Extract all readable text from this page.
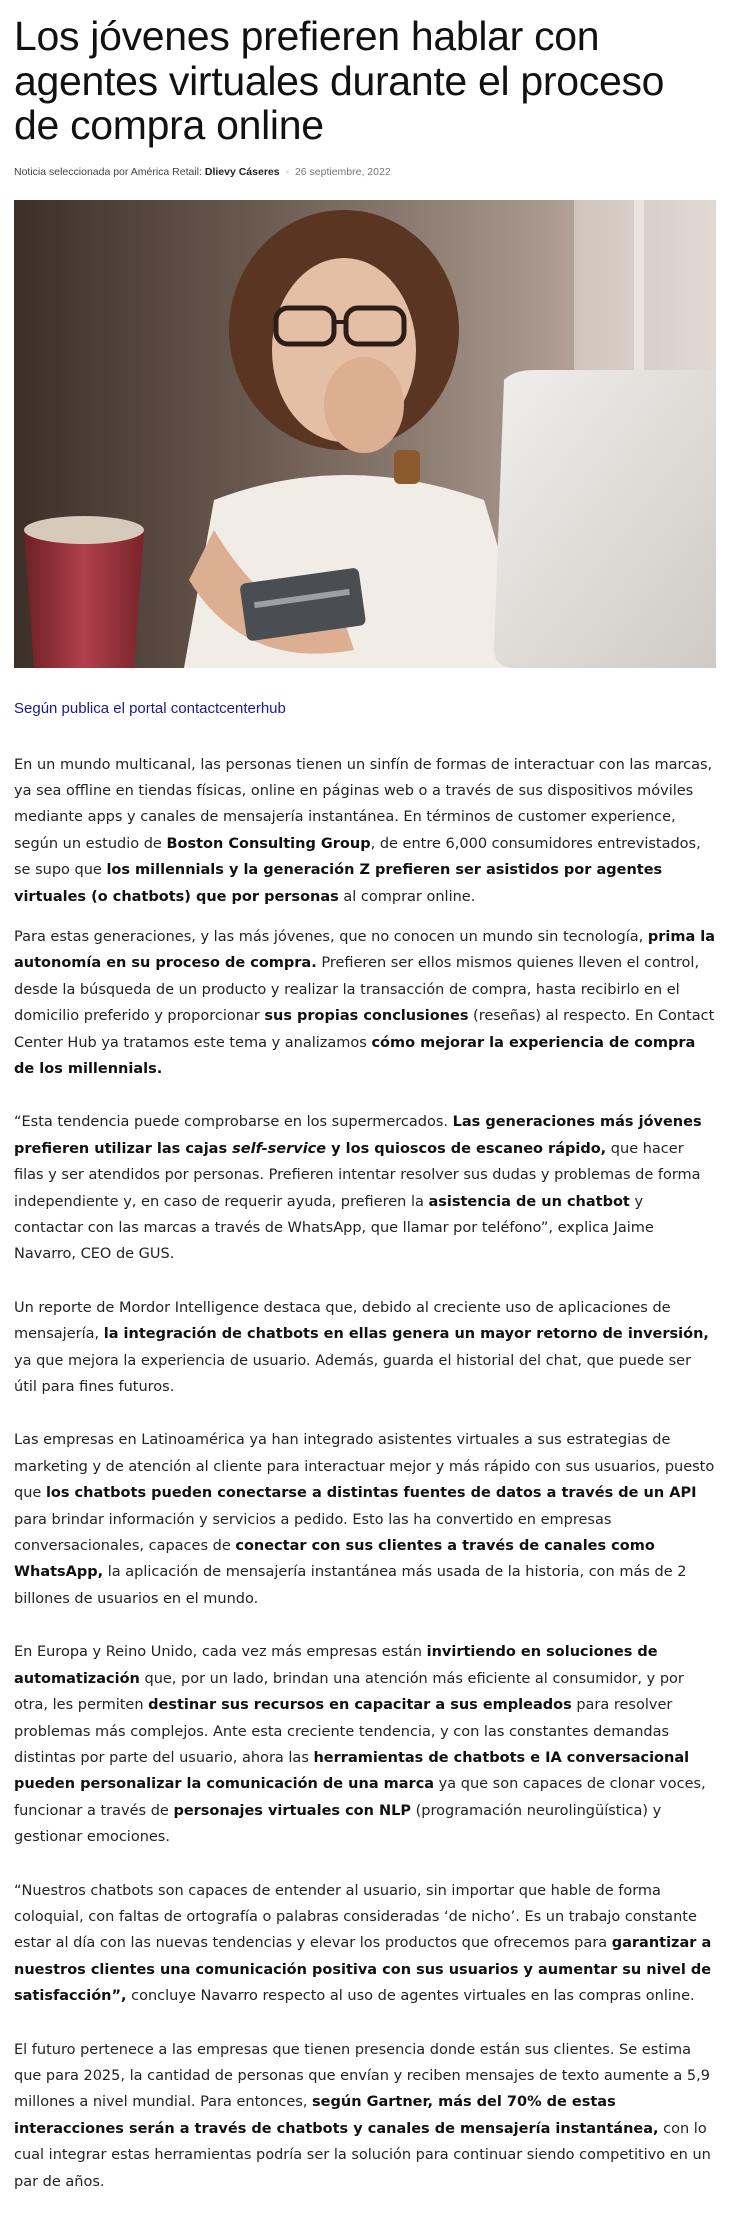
Los jóvenes prefieren hablar con agentes virtuales durante el proceso de compra online
Noticia seleccionada por América Retail: Dlievy Cáseres - 26 septiembre, 2022
Según publica el portal contactcenterhub

En un mundo multicanal, las personas tienen un sinfín de formas de interactuar con las marcas, ya sea offline en tiendas físicas, online en páginas web o a través de sus dispositivos móviles mediante apps y canales de mensajería instantánea. En términos de customer experience, según un estudio de Boston Consulting Group, de entre 6,000 consumidores entrevistados, se supo que los millennials y la generación Z prefieren ser asistidos por agentes virtuales (o chatbots) que por personas al comprar online.

Para estas generaciones, y las más jóvenes, que no conocen un mundo sin tecnología, prima la autonomía en su proceso de compra. Prefieren ser ellos mismos quienes lleven el control, desde la búsqueda de un producto y realizar la transacción de compra, hasta recibirlo en el domicilio preferido y proporcionar sus propias conclusiones (reseñas) al respecto. En Contact Center Hub ya tratamos este tema y analizamos cómo mejorar la experiencia de compra de los millennials.

“Esta tendencia puede comprobarse en los supermercados. Las generaciones más jóvenes prefieren utilizar las cajas self-service y los quioscos de escaneo rápido, que hacer filas y ser atendidos por personas. Prefieren intentar resolver sus dudas y problemas de forma independiente y, en caso de requerir ayuda, prefieren la asistencia de un chatbot y contactar con las marcas a través de WhatsApp, que llamar por teléfono”, explica Jaime Navarro, CEO de GUS.

Un reporte de Mordor Intelligence destaca que, debido al creciente uso de aplicaciones de mensajería, la integración de chatbots en ellas genera un mayor retorno de inversión, ya que mejora la experiencia de usuario. Además, guarda el historial del chat, que puede ser útil para fines futuros.

Las empresas en Latinoamérica ya han integrado asistentes virtuales a sus estrategias de marketing y de atención al cliente para interactuar mejor y más rápido con sus usuarios, puesto que los chatbots pueden conectarse a distintas fuentes de datos a través de un API para brindar información y servicios a pedido. Esto las ha convertido en empresas conversacionales, capaces de conectar con sus clientes a través de canales como WhatsApp, la aplicación de mensajería instantánea más usada de la historia, con más de 2 billones de usuarios en el mundo.

En Europa y Reino Unido, cada vez más empresas están invirtiendo en soluciones de automatización que, por un lado, brindan una atención más eficiente al consumidor, y por otra, les permiten destinar sus recursos en capacitar a sus empleados para resolver problemas más complejos. Ante esta creciente tendencia, y con las constantes demandas distintas por parte del usuario, ahora las herramientas de chatbots e IA conversacional pueden personalizar la comunicación de una marca ya que son capaces de clonar voces, funcionar a través de personajes virtuales con NLP (programación neurolingüística) y gestionar emociones.

“Nuestros chatbots son capaces de entender al usuario, sin importar que hable de forma coloquial, con faltas de ortografía o palabras consideradas ‘de nicho’. Es un trabajo constante estar al día con las nuevas tendencias y elevar los productos que ofrecemos para garantizar a nuestros clientes una comunicación positiva con sus usuarios y aumentar su nivel de satisfacción”, concluye Navarro respecto al uso de agentes virtuales en las compras online.

El futuro pertenece a las empresas que tienen presencia donde están sus clientes. Se estima que para 2025, la cantidad de personas que envían y reciben mensajes de texto aumente a 5,9 millones a nivel mundial. Para entonces, según Gartner, más del 70% de estas interacciones serán a través de chatbots y canales de mensajería instantánea, con lo cual integrar estas herramientas podría ser la solución para continuar siendo competitivo en un par de años.
